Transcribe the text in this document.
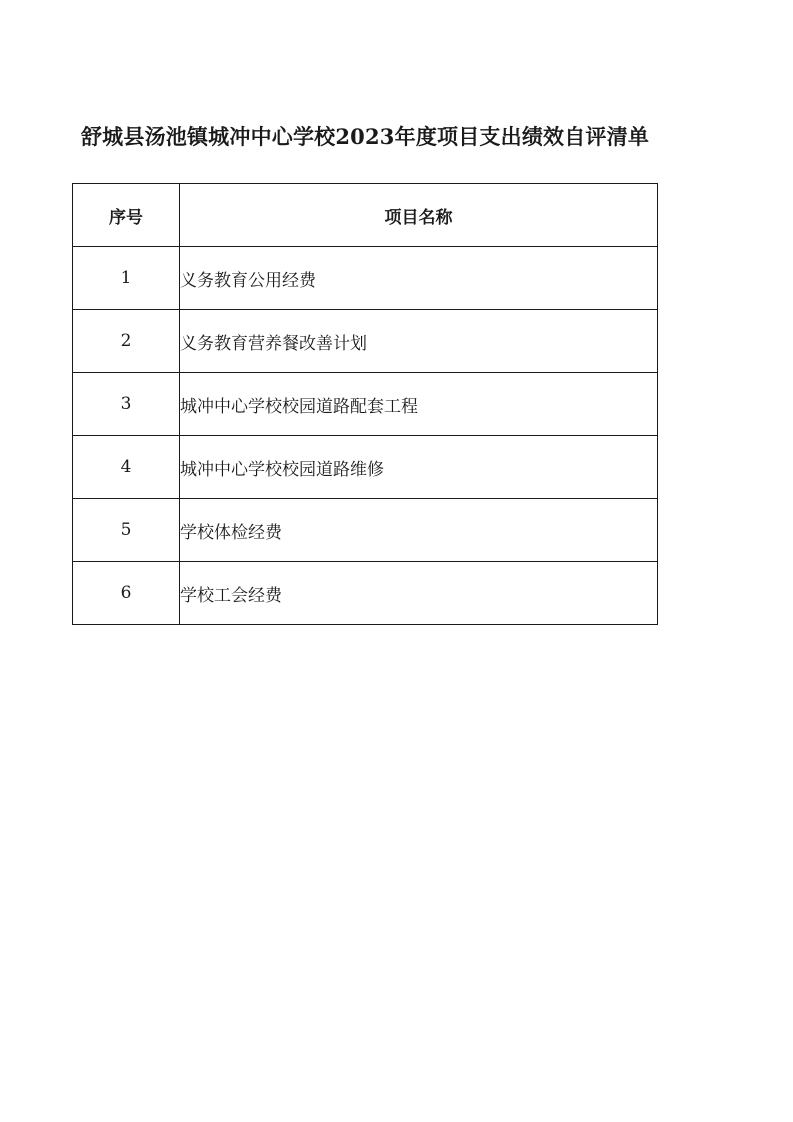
舒城县汤池镇城冲中心学校2023年度项目支出绩效自评清单
序号	项目名称
1	义务教育公用经费
2	义务教育营养餐改善计划
3	城冲中心学校校园道路配套工程
4	城冲中心学校校园道路维修
5	学校体检经费
6	学校工会经费
